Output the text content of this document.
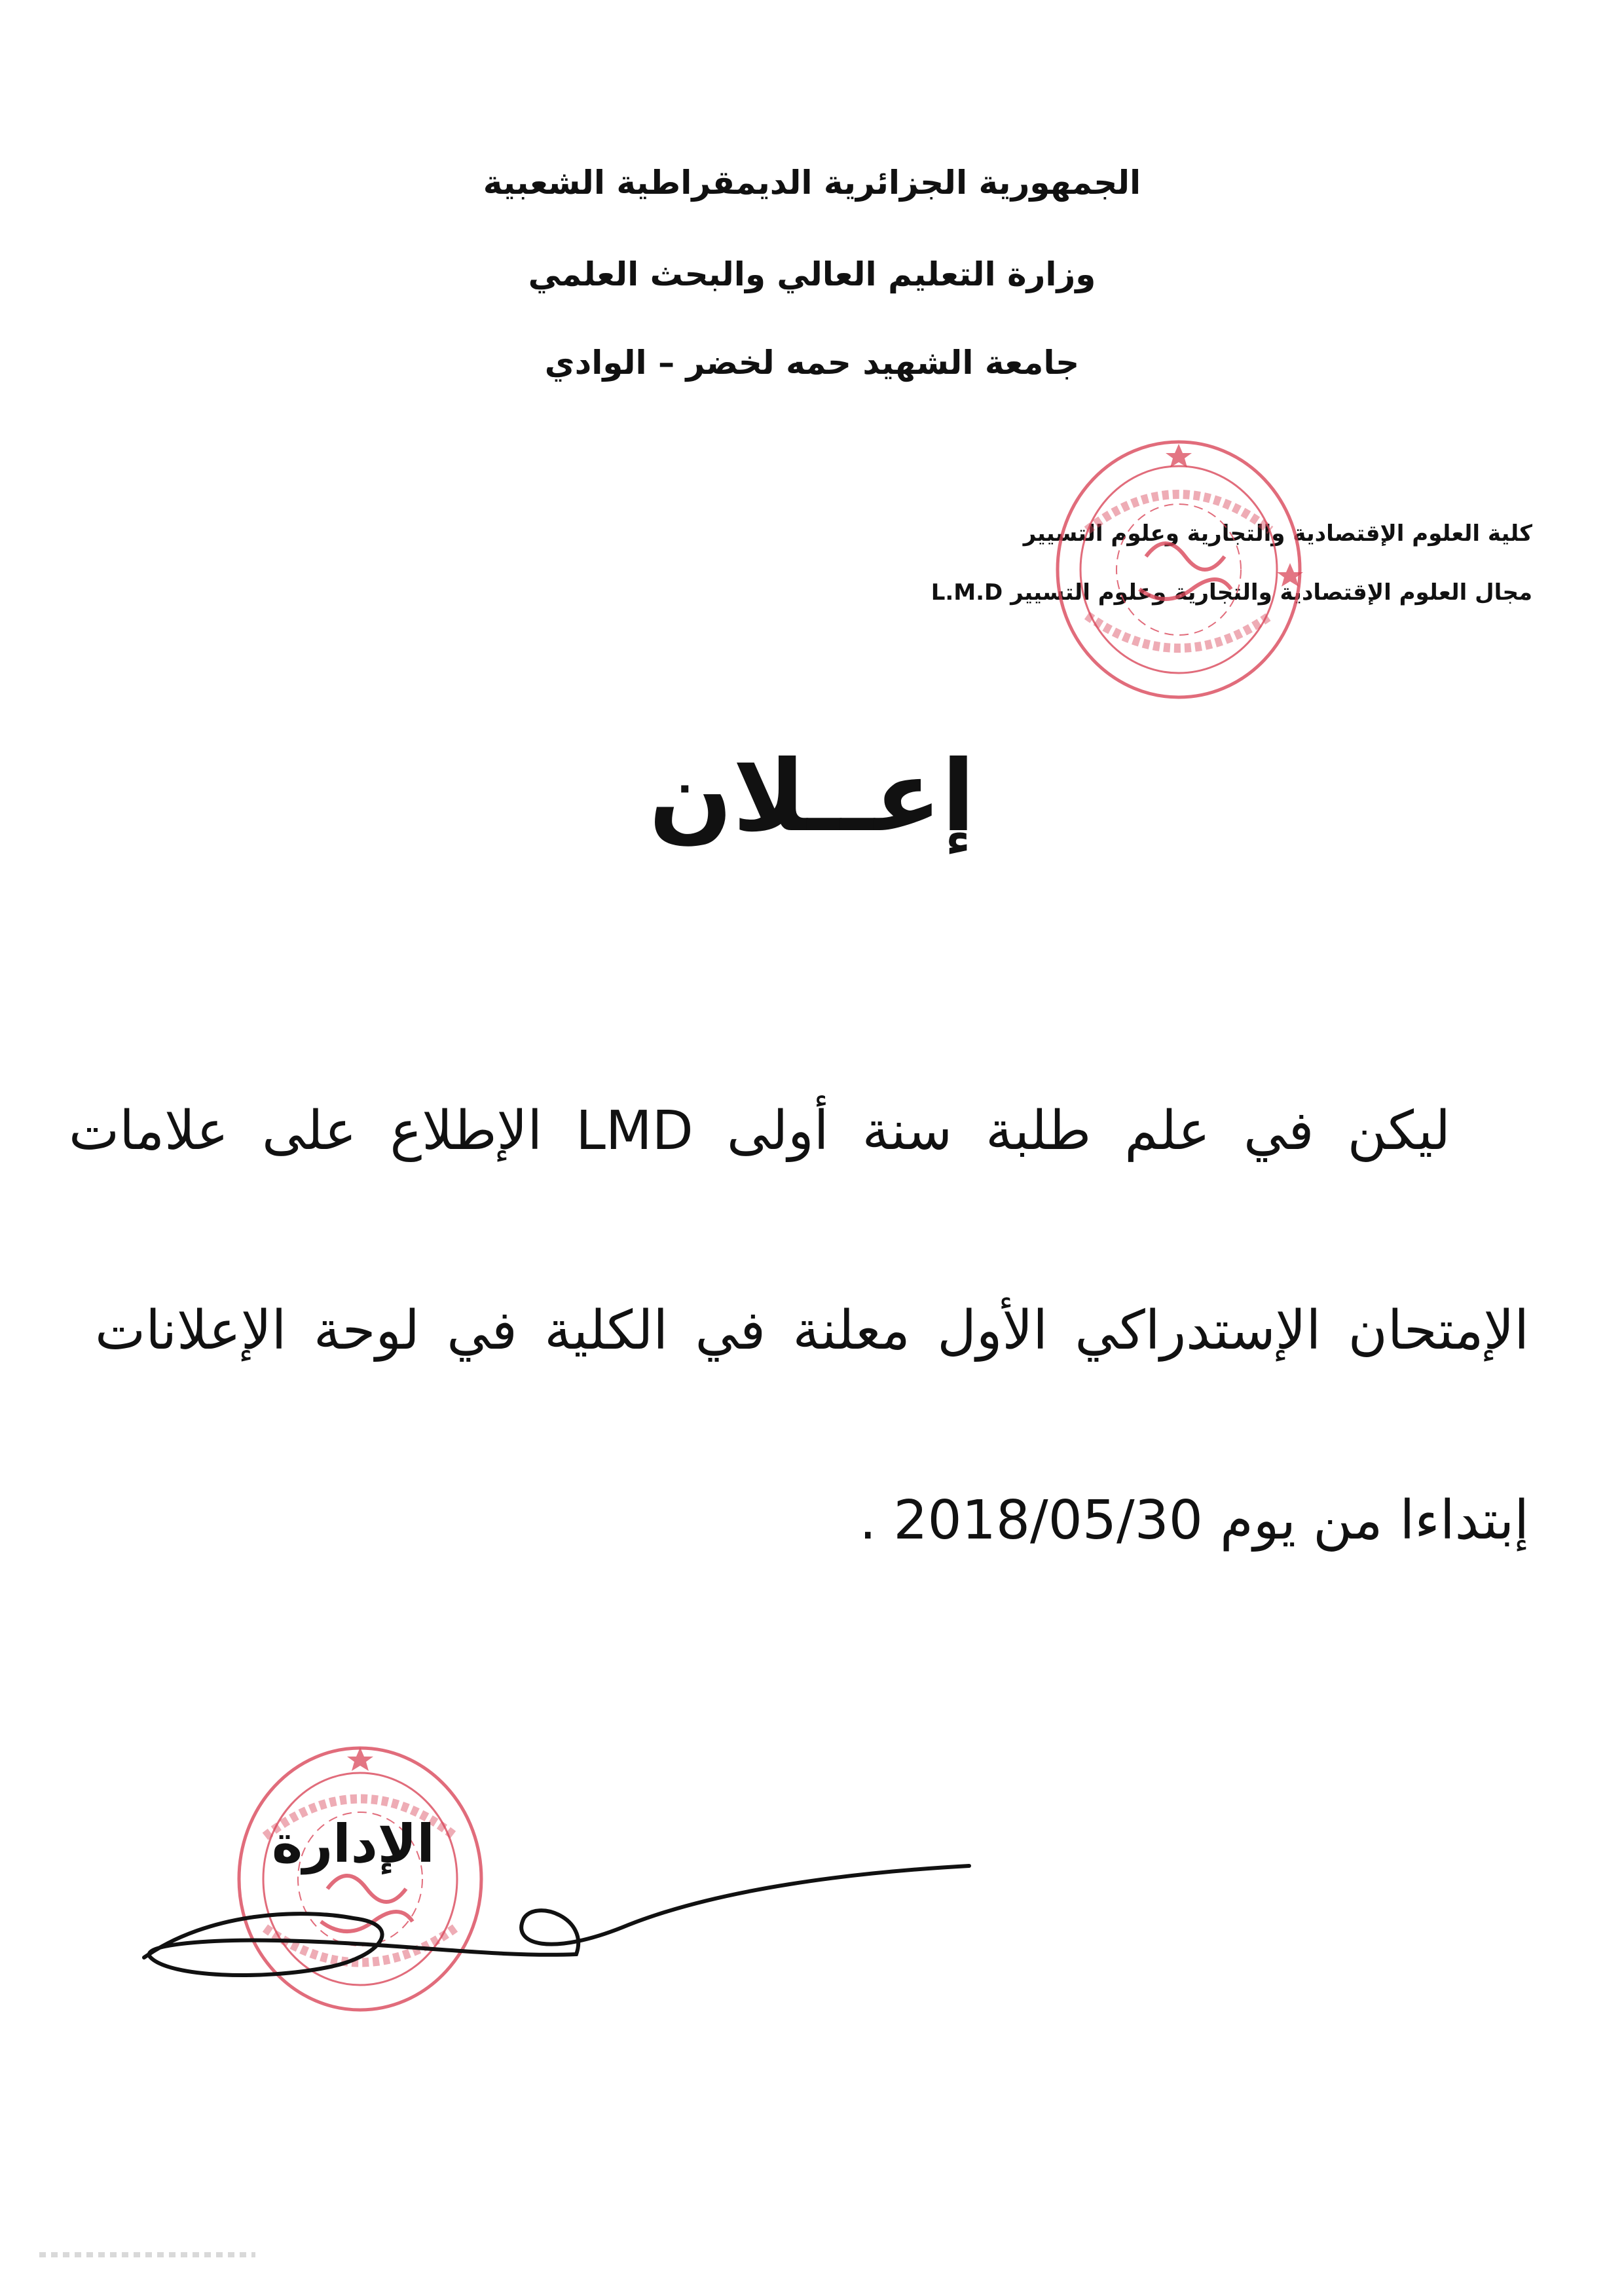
الجمهورية الجزائرية الديمقراطية الشعبية
وزارة التعليم العالي والبحث العلمي
جامعة الشهيد حمه لخضر – الوادي
كلية العلوم الإقتصادية والتجارية وعلوم التسيير
مجال العلوم الإقتصادية والتجارية وعلوم التسيير L.M.D
إعــلان
ليكن في علم طلبة سنة أولى LMD الإطلاع على علامات
الإمتحان الإستدراكي الأول معلنة في الكلية في لوحة الإعلانات
إبتداءا من يوم 2018/05/30 .
الإدارة
